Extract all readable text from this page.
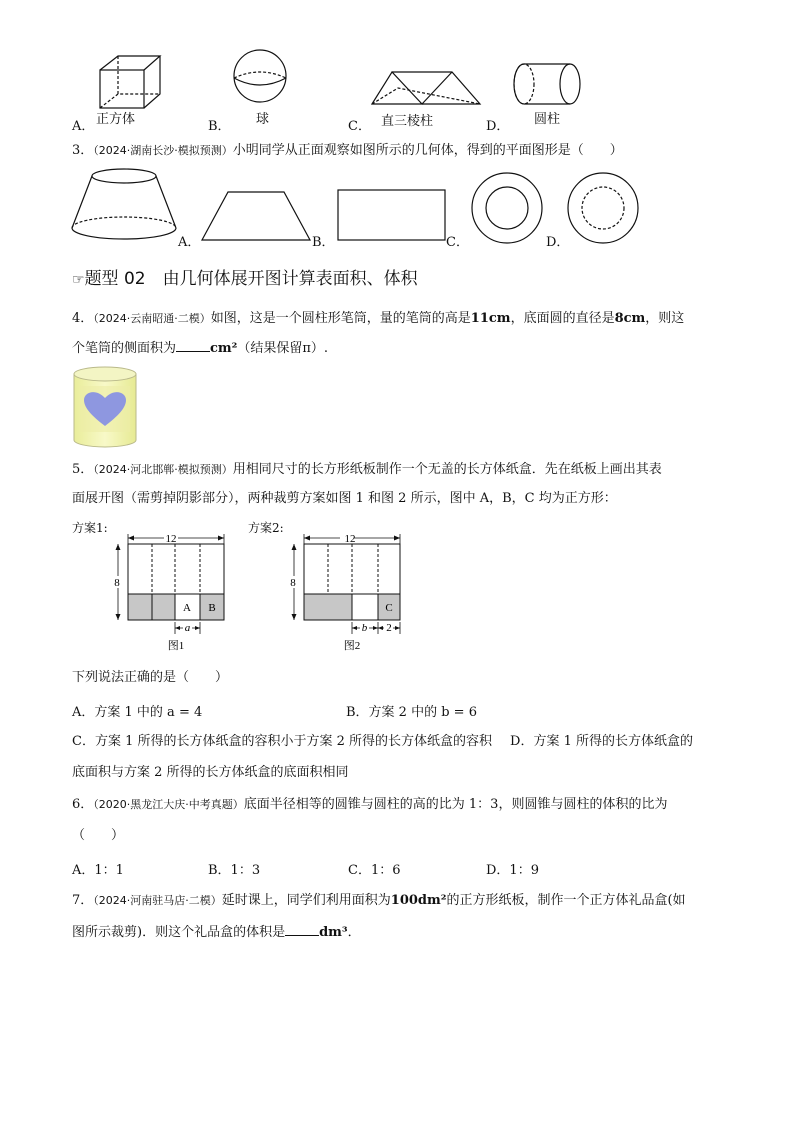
A． 正方体	B． 球	C． 直三棱柱	D． 圆柱
3．（2024·湖南长沙·模拟预测）小明同学从正面观察如图所示的几何体，得到的平面图形是（　　）
A．	B．	C．	D．
☞题型 02　由几何体展开图计算表面积、体积
4．（2024·云南昭通·二模）如图，这是一个圆柱形笔筒，量的笔筒的高是11cm，底面圆的直径是8cm，则这
个笔筒的侧面积为	cm²（结果保留π）.
5．（2024·河北邯郸·模拟预测）用相同尺寸的长方形纸板制作一个无盖的长方体纸盒．先在纸板上画出其表
面展开图（需剪掉阴影部分），两种裁剪方案如图 1 和图 2 所示，图中 A，B，C 均为正方形：
方案1:	方案2:
12
8
A B
a
图1
12
8
C
b 2
图2
下列说法正确的是（　　）
A．方案 1 中的 a = 4	B．方案 2 中的 b = 6
C．方案 1 所得的长方体纸盒的容积小于方案 2 所得的长方体纸盒的容积 D．方案 1 所得的长方体纸盒的
底面积与方案 2 所得的长方体纸盒的底面积相同
6．（2020·黑龙江大庆·中考真题）底面半径相等的圆锥与圆柱的高的比为 1：3，则圆锥与圆柱的体积的比为
（　　）
A．1：1	B．1：3	C．1：6	D．1：9
7．（2024·河南驻马店·二模）延时课上，同学们利用面积为100dm²的正方形纸板，制作一个正方体礼品盒(如
图所示裁剪)．则这个礼品盒的体积是	dm³．
